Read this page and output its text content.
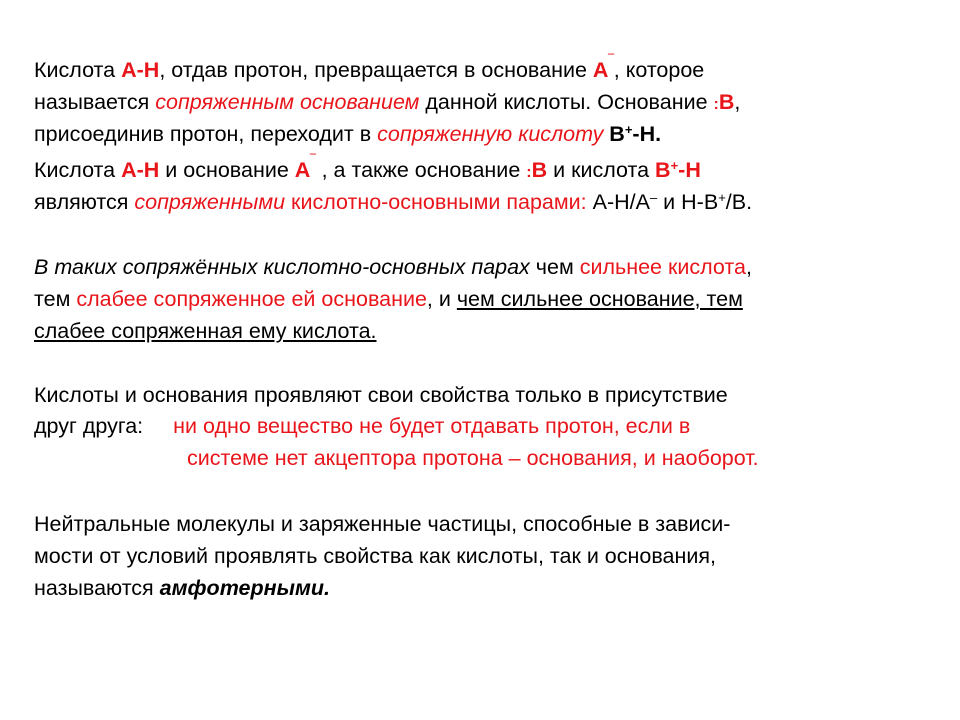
Кислота А-Н, отдав протон, превращается в основание А‾, которое
называется сопряженным основанием данной кислоты. Основание :В,
присоединив протон, переходит в сопряженную кислоту В+-Н.
Кислота А-Н и основание А‾ , а также основание :В и кислота В+-Н
являются сопряженными кислотно-основными парами: А-Н/А– и Н-В+/В.
В таких сопряжённых кислотно-основных парах чем сильнее кислота,
тем слабее сопряженное ей основание, и чем сильнее основание, тем
слабее сопряженная ему кислота.
Кислоты и основания проявляют свои свойства только в присутствие
друг друга: ни одно вещество не будет отдавать протон, если в
системе нет акцептора протона – основания, и наоборот.
Нейтральные молекулы и заряженные частицы, способные в зависи-
мости от условий проявлять свойства как кислоты, так и основания,
называются амфотерными.
